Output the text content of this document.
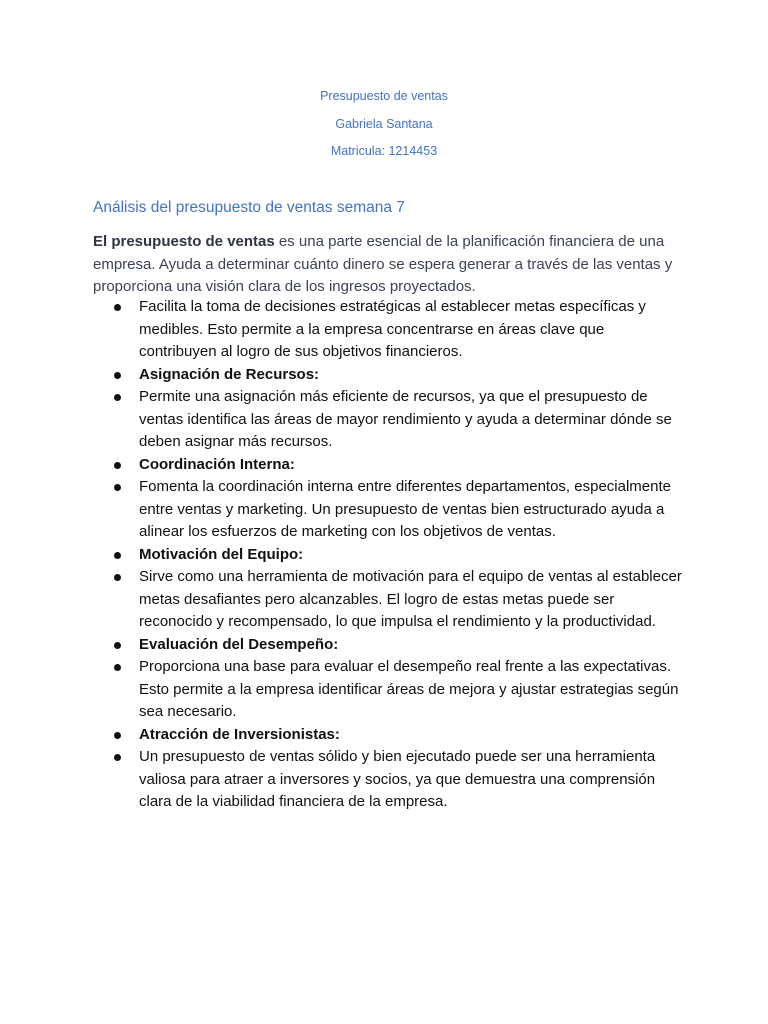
Presupuesto de ventas
Gabriela Santana
Matricula: 1214453
Análisis del presupuesto de ventas semana 7

El presupuesto de ventas es una parte esencial de la planificación financiera de una empresa. Ayuda a determinar cuánto dinero se espera generar a través de las ventas y proporciona una visión clara de los ingresos proyectados.

Facilita la toma de decisiones estratégicas al establecer metas específicas y medibles. Esto permite a la empresa concentrarse en áreas clave que contribuyen al logro de sus objetivos financieros.
Asignación de Recursos:
Permite una asignación más eficiente de recursos, ya que el presupuesto de ventas identifica las áreas de mayor rendimiento y ayuda a determinar dónde se deben asignar más recursos.
Coordinación Interna:
Fomenta la coordinación interna entre diferentes departamentos, especialmente entre ventas y marketing. Un presupuesto de ventas bien estructurado ayuda a alinear los esfuerzos de marketing con los objetivos de ventas.
Motivación del Equipo:
Sirve como una herramienta de motivación para el equipo de ventas al establecer metas desafiantes pero alcanzables. El logro de estas metas puede ser reconocido y recompensado, lo que impulsa el rendimiento y la productividad.
Evaluación del Desempeño:
Proporciona una base para evaluar el desempeño real frente a las expectativas. Esto permite a la empresa identificar áreas de mejora y ajustar estrategias según sea necesario.
Atracción de Inversionistas:
Un presupuesto de ventas sólido y bien ejecutado puede ser una herramienta valiosa para atraer a inversores y socios, ya que demuestra una comprensión clara de la viabilidad financiera de la empresa.
